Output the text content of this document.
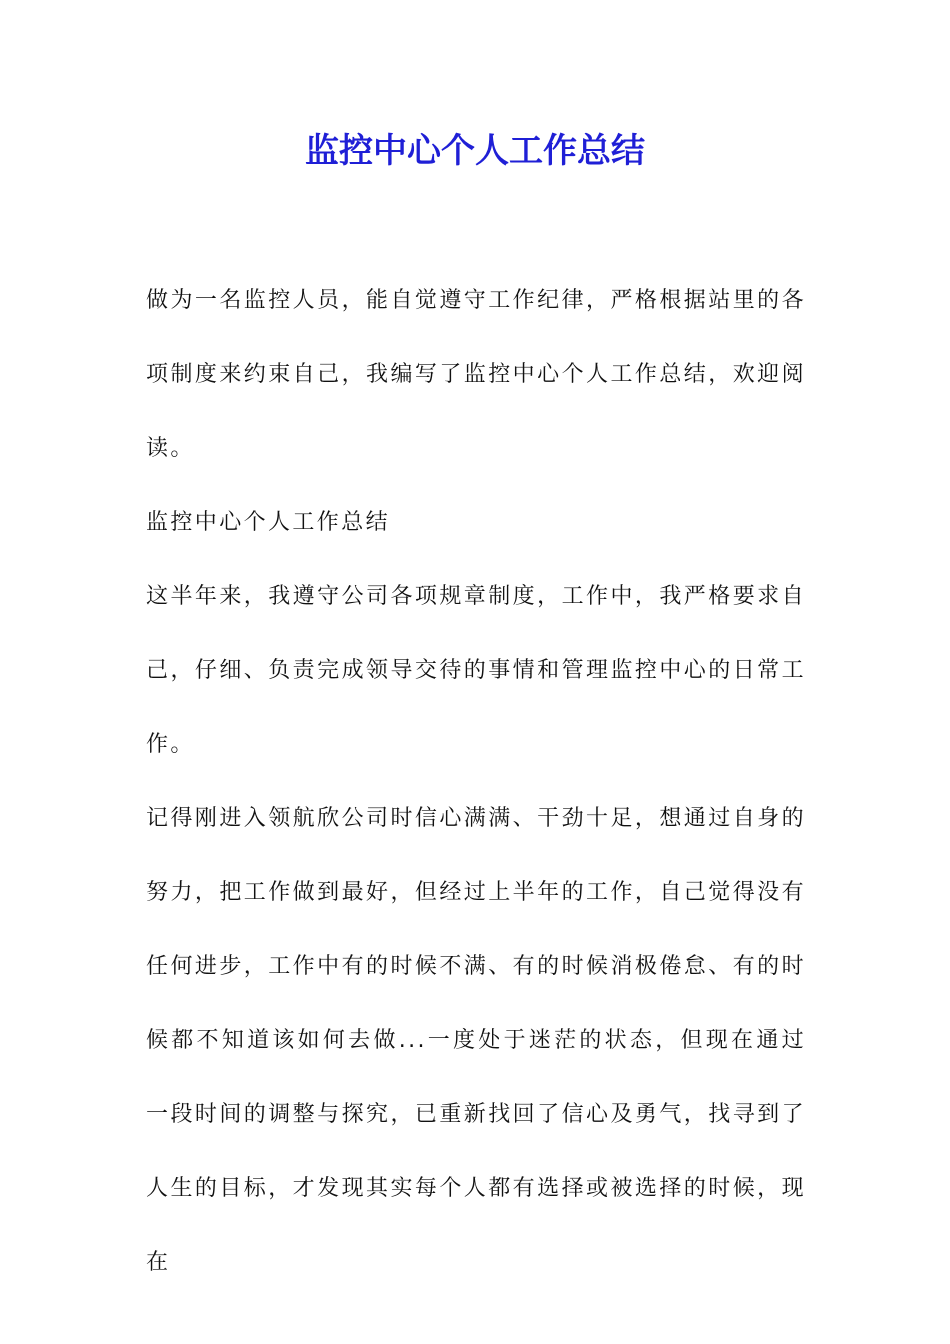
监控中心个人工作总结

做为一名监控人员，能自觉遵守工作纪律，严格根据站里的各项制度来约束自己，我编写了监控中心个人工作总结，欢迎阅读。

监控中心个人工作总结

这半年来，我遵守公司各项规章制度，工作中，我严格要求自己，仔细、负责完成领导交待的事情和管理监控中心的日常工作。

记得刚进入领航欣公司时信心满满、干劲十足，想通过自身的努力，把工作做到最好，但经过上半年的工作，自己觉得没有任何进步，工作中有的时候不满、有的时候消极倦怠、有的时候都不知道该如何去做...一度处于迷茫的状态，但现在通过一段时间的调整与探究，已重新找回了信心及勇气，找寻到了人生的目标，才发现其实每个人都有选择或被选择的时候，现在
